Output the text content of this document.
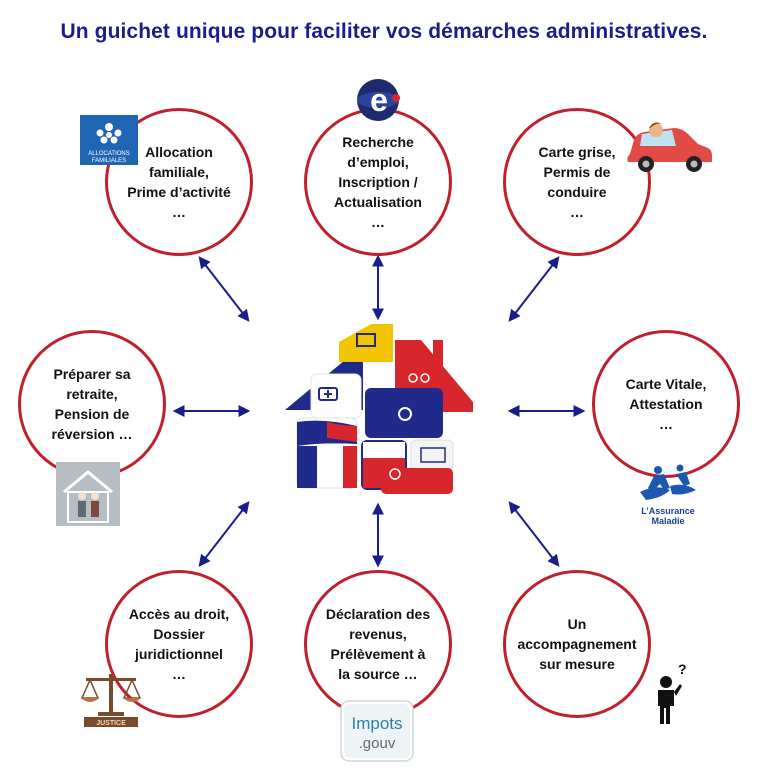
Un guichet unique pour faciliter vos démarches administratives.
Allocation
familiale,
Prime d’activité
…
Recherche
d’emploi,
Inscription /
Actualisation
…
Carte grise,
Permis de
conduire
…
Préparer sa
retraite,
Pension de
réversion …
Carte Vitale,
Attestation
…
Accès au droit,
Dossier
juridictionnel
…
Déclaration des
revenus,
Prélèvement à
la source …
Un
accompagnement
sur mesure
ALLOCATIONS
FAMILIALES
e
L’Assurance
Maladie
JUSTICE	Impots
.gouv
?
